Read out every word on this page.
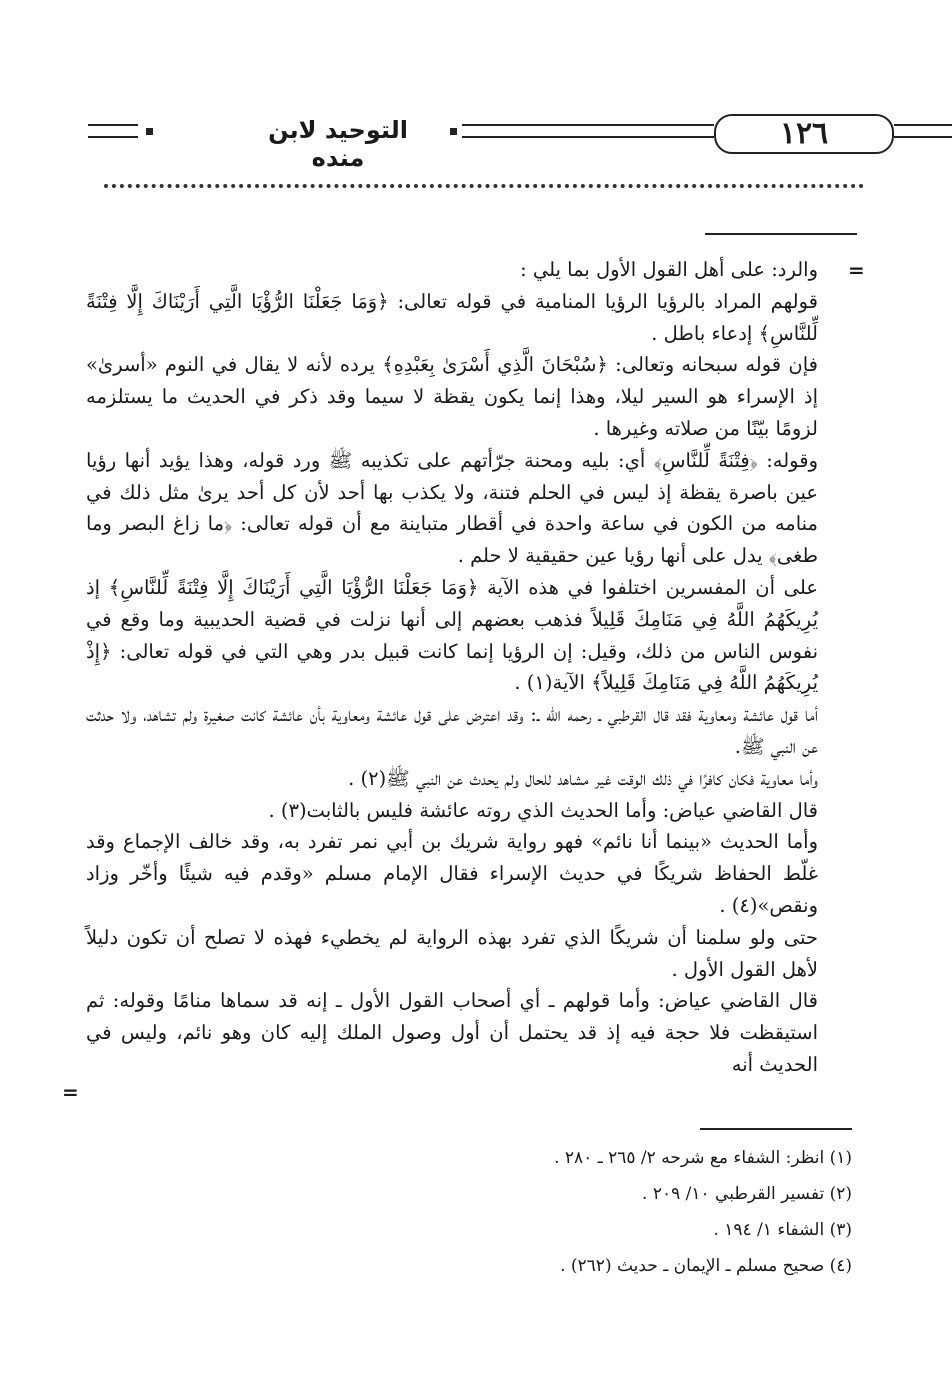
التوحيد لابن منده
١٢٦
=
=

والرد: على أهل القول الأول بما يلي :

قولهم المراد بالرؤيا الرؤيا المنامية في قوله تعالى: ﴿وَمَا جَعَلْنَا الرُّؤْيَا الَّتِي أَرَيْنَاكَ إِلَّا فِتْنَةً لِّلنَّاسِ﴾ إدعاء باطل .

فإن قوله سبحانه وتعالى: ﴿سُبْحَانَ الَّذِي أَسْرَىٰ بِعَبْدِهِ﴾ يرده لأنه لا يقال في النوم «أسرىٰ» إذ الإسراء هو السير ليلا، وهذا إنما يكون يقظة لا سيما وقد ذكر في الحديث ما يستلزمه لزومًا بيّنًا من صلاته وغيرها .

وقوله: ﴿فِتْنَةً لِّلنَّاسِ﴾ أي: بليه ومحنة جرّأتهم على تكذيبه ﷺ ورد قوله، وهذا يؤيد أنها رؤيا عين باصرة يقظة إذ ليس في الحلم فتنة، ولا يكذب بها أحد لأن كل أحد يرىٰ مثل ذلك في منامه من الكون في ساعة واحدة في أقطار متباينة مع أن قوله تعالى: ﴿ما زاغ البصر وما طغى﴾ يدل على أنها رؤيا عين حقيقية لا حلم .

على أن المفسرين اختلفوا في هذه الآية ﴿وَمَا جَعَلْنَا الرُّؤْيَا الَّتِي أَرَيْنَاكَ إِلَّا فِتْنَةً لِّلنَّاسِ﴾ إذ يُرِيكَهُمُ اللَّهُ فِي مَنَامِكَ قَلِيلاً فذهب بعضهم إلى أنها نزلت في قضية الحديبية وما وقع في نفوس الناس من ذلك، وقيل: إن الرؤيا إنما كانت قبيل بدر وهي التي في قوله تعالى: ﴿إِذْ يُرِيكَهُمُ اللَّهُ فِي مَنَامِكَ قَلِيلاً﴾ الآية(١) .

أما قول عائشة ومعاوية فقد قال القرطبي ـ رحمه الله ـ: وقد اعترض على قول عائشة ومعاوية بأن عائشة كانت صغيرة ولم تشاهد، ولا حدثت عن النبي ﷺ.

وأما معاوية فكان كافرًا في ذلك الوقت غير مشاهد للحال ولم يحدث عن النبي ﷺ(٢) .

قال القاضي عياض: وأما الحديث الذي روته عائشة فليس بالثابت(٣) .

وأما الحديث «بينما أنا نائم» فهو رواية شريك بن أبي نمر تفرد به، وقد خالف الإجماع وقد غلّط الحفاظ شريكًا في حديث الإسراء فقال الإمام مسلم «وقدم فيه شيئًا وأخّر وزاد ونقص»(٤) .

حتى ولو سلمنا أن شريكًا الذي تفرد بهذه الرواية لم يخطيء فهذه لا تصلح أن تكون دليلاً لأهل القول الأول .

قال القاضي عياض: وأما قولهم ـ أي أصحاب القول الأول ـ إنه قد سماها منامًا وقوله: ثم استيقظت فلا حجة فيه إذ قد يحتمل أن أول وصول الملك إليه كان وهو نائم، وليس في الحديث أنه

(١) انظر: الشفاء مع شرحه ٢/ ٢٦٥ ـ ٢٨٠ .
(٢) تفسير القرطبي ١٠/ ٢٠٩ .
(٣) الشفاء ١/ ١٩٤ .
(٤) صحيح مسلم ـ الإيمان ـ حديث (٢٦٢) .
